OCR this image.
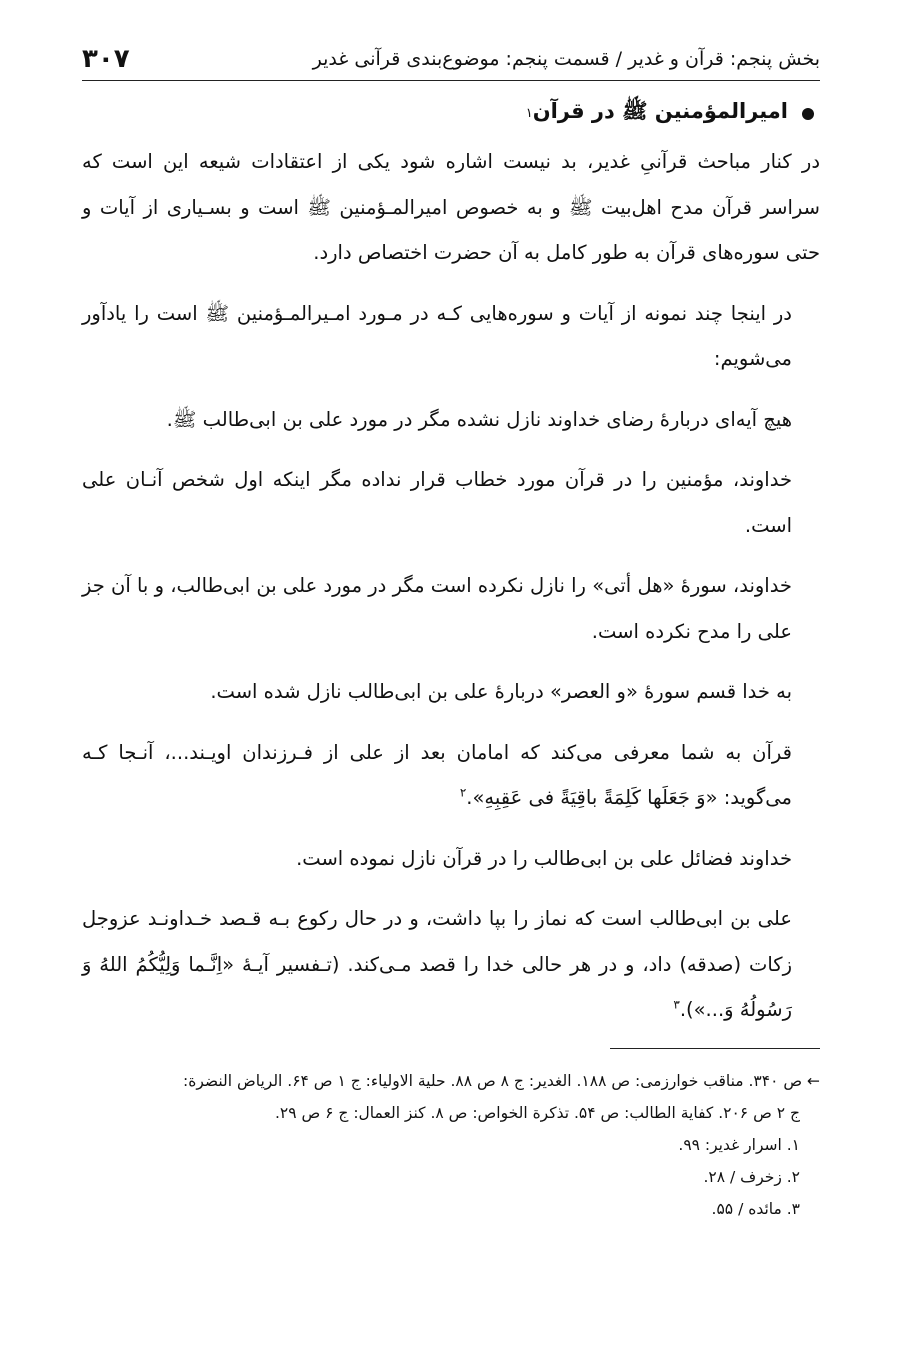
بخش پنجم: قرآن و غدیر / قسمت پنجم: موضوع‌بندی قرآنی غدیر
۳۰۷
امیرالمؤمنین ﷺ در قرآن
۱

در کنار مباحث قرآنیِ غدیر، بد نیست اشاره شود یکی از اعتقادات شیعه این است که سراسر قرآن مدح اهل‌بیت ﷺ و به خصوص امیرالمـؤمنین ﷺ است و بسـیاری از آیات و حتی سوره‌های قرآن به طور کامل به آن حضرت اختصاص دارد.

در اینجا چند نمونه از آیات و سوره‌هایی کـه در مـورد امـیرالمـؤمنین ﷺ است را یادآور می‌شویم:

هیچ آیه‌ای دربارهٔ رضای خداوند نازل نشده مگر در مورد علی بن ابی‌طالب ﷺ.

خداوند، مؤمنین را در قرآن مورد خطاب قرار نداده مگر اینکه اول شخص آنـان علی است.

خداوند، سورهٔ «هل أتی» را نازل نکرده است مگر در مورد علی بن ابی‌طالب، و با آن جز علی را مدح نکرده است.

به خدا قسم سورهٔ «و العصر» دربارهٔ علی بن ابی‌طالب نازل شده است.

قرآن به شما معرفی می‌کند که امامان بعد از علی از فـرزندان اویـند...، آنـجا کـه می‌گوید: «وَ جَعَلَها کَلِمَةً باقِیَةً فی عَقِبِهِ».$^۲$

خداوند فضائل علی بن ابی‌طالب را در قرآن نازل نموده است.

علی بن ابی‌طالب است که نماز را بپا داشت، و در حال رکوع بـه قـصد خـداونـد عزوجل زکات (صدقه) داد، و در هر حالی خدا را قصد مـی‌کند. (تـفسیر آیـهٔ «اِنَّـما وَلِیُّکُمُ اللهُ وَ رَسُولُهُ وَ...»).$^۳$

← ص ۳۴۰. مناقب خوارزمی: ص ۱۸۸. الغدیر: ج ۸ ص ۸۸. حلیة الاولیاء: ج ۱ ص ۶۴. الریاض النضرة:

ج ۲ ص ۲۰۶. کفایة الطالب: ص ۵۴. تذکرة الخواص: ص ۸. کنز العمال: ج ۶ ص ۲۹.

۱. اسرار غدیر: ۹۹.

۲. زخرف / ۲۸.

۳. مائده / ۵۵.
